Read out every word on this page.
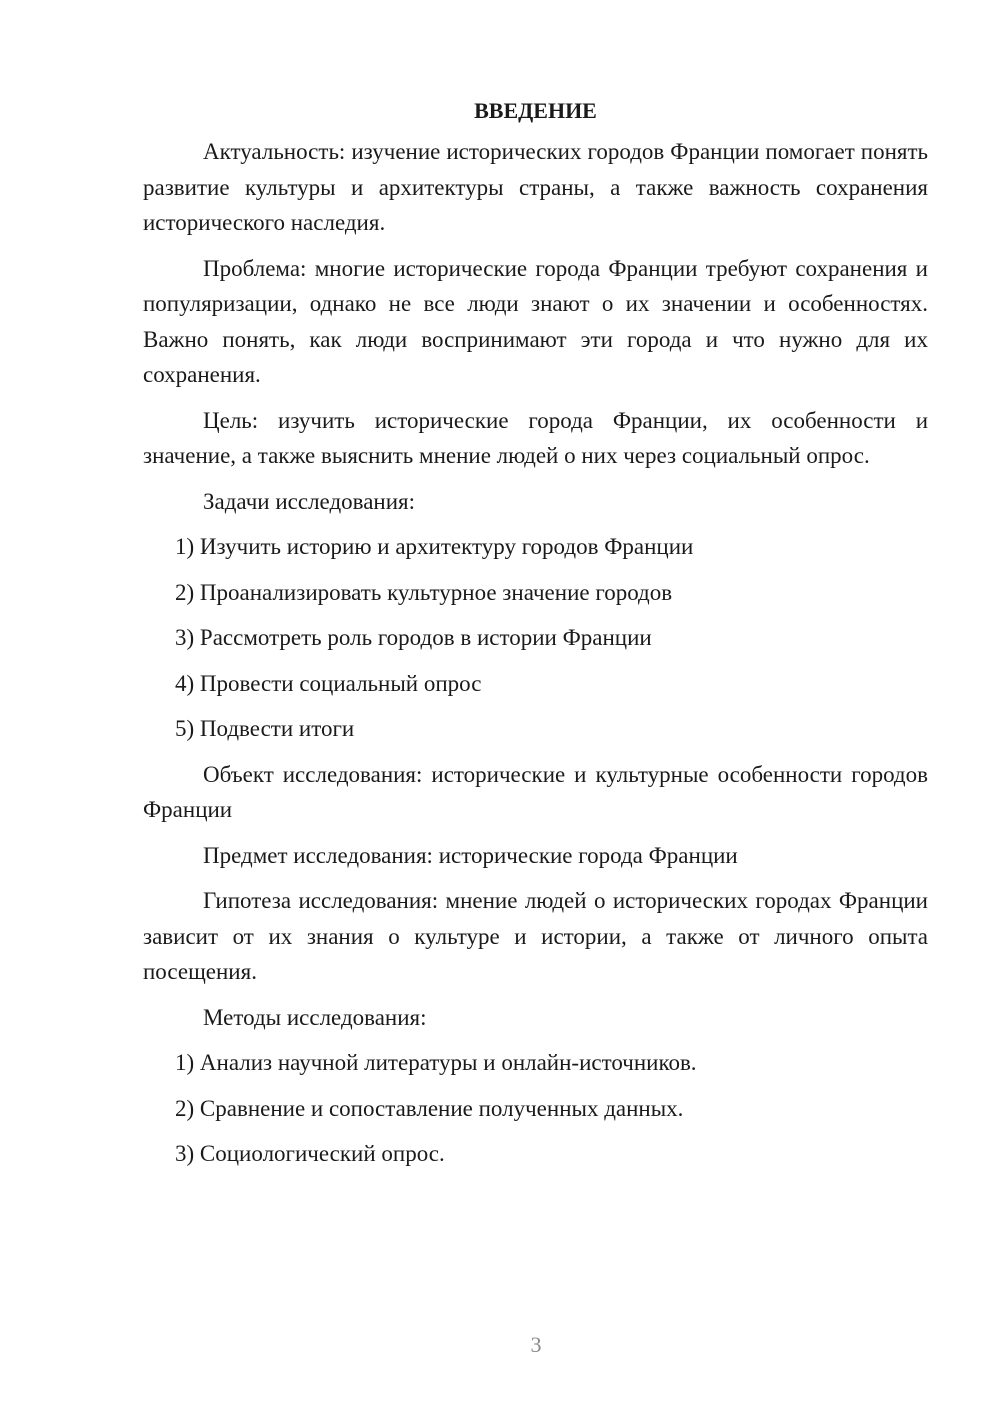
ВВЕДЕНИЕ

Актуальность: изучение исторических городов Франции помогает понять развитие культуры и архитектуры страны, а также важность сохранения исторического наследия.

Проблема: многие исторические города Франции требуют сохранения и популяризации, однако не все люди знают о их значении и особенностях. Важно понять, как люди воспринимают эти города и что нужно для их сохранения.

Цель: изучить исторические города Франции, их особенности и значение, а также выяснить мнение людей о них через социальный опрос.

Задачи исследования:

1) Изучить историю и архитектуру городов Франции

2) Проанализировать культурное значение городов

3) Рассмотреть роль городов в истории Франции

4) Провести социальный опрос

5) Подвести итоги

Объект исследования: исторические и культурные особенности городов Франции

Предмет исследования: исторические города Франции

Гипотеза исследования: мнение людей о исторических городах Франции зависит от их знания о культуре и истории, а также от личного опыта посещения.

Методы исследования:

1) Анализ научной литературы и онлайн-источников.

2) Сравнение и сопоставление полученных данных.

3) Социологический опрос.

3
